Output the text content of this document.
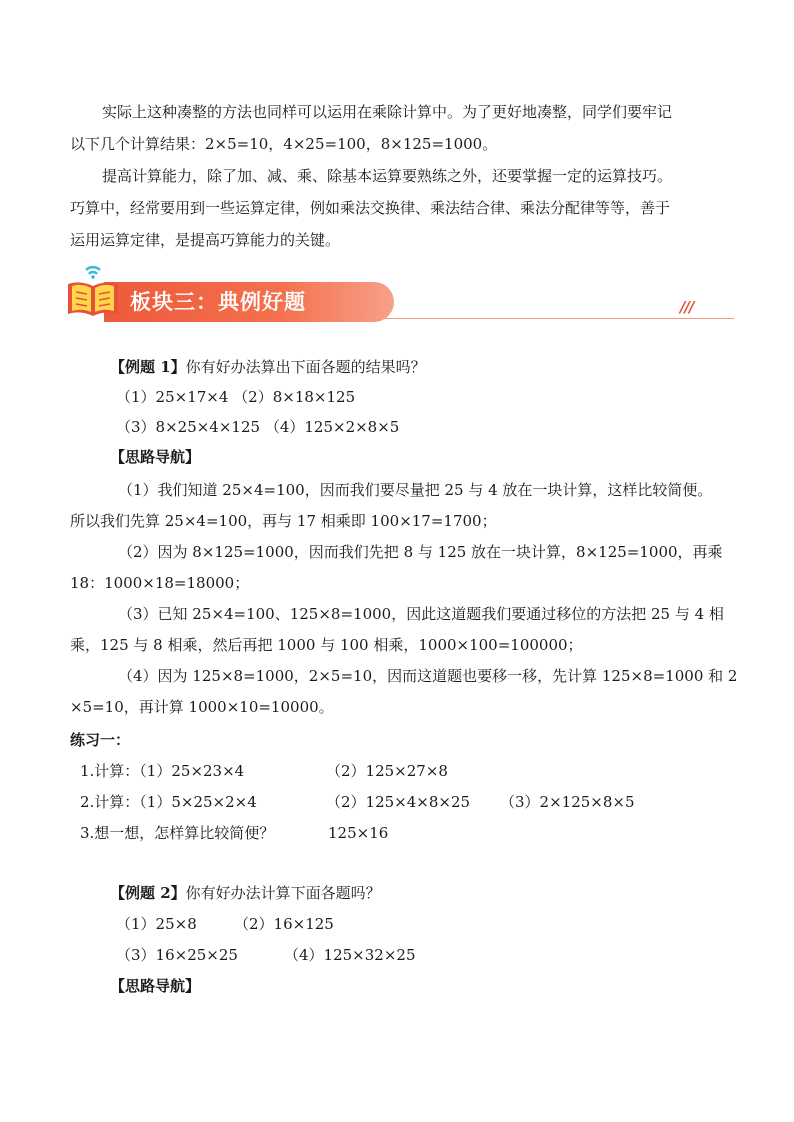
实际上这种凑整的方法也同样可以运用在乘除计算中。为了更好地凑整，同学们要牢记
以下几个计算结果：2×5=10，4×25=100，8×125=1000。
提高计算能力，除了加、减、乘、除基本运算要熟练之外，还要掌握一定的运算技巧。
巧算中，经常要用到一些运算定律，例如乘法交换律、乘法结合律、乘法分配律等等，善于
运用运算定律，是提高巧算能力的关键。
板块三：典例好题	///
【例题 1】你有好办法算出下面各题的结果吗？
（1）25×17×4 （2）8×18×125
（3）8×25×4×125 （4）125×2×8×5
【思路导航】
（1）我们知道 25×4=100，因而我们要尽量把 25 与 4 放在一块计算，这样比较简便。
所以我们先算 25×4=100，再与 17 相乘即 100×17=1700；
（2）因为 8×125=1000，因而我们先把 8 与 125 放在一块计算，8×125=1000，再乘
18：1000×18=18000；
（3）已知 25×4=100、125×8=1000，因此这道题我们要通过移位的方法把 25 与 4 相
乘，125 与 8 相乘，然后再把 1000 与 100 相乘，1000×100=100000；
（4）因为 125×8=1000，2×5=10，因而这道题也要移一移，先计算 125×8=1000 和 2
×5=10，再计算 1000×10=10000。
练习一：
1.计算：（1）25×23×4	（2）125×27×8
2.计算：（1）5×25×2×4	（2）125×4×8×25 （3）2×125×8×5
3.想一想，怎样算比较简便？	125×16
【例题 2】你有好办法计算下面各题吗？
（1）25×8 （2）16×125
（3）16×25×25	（4）125×32×25
【思路导航】
